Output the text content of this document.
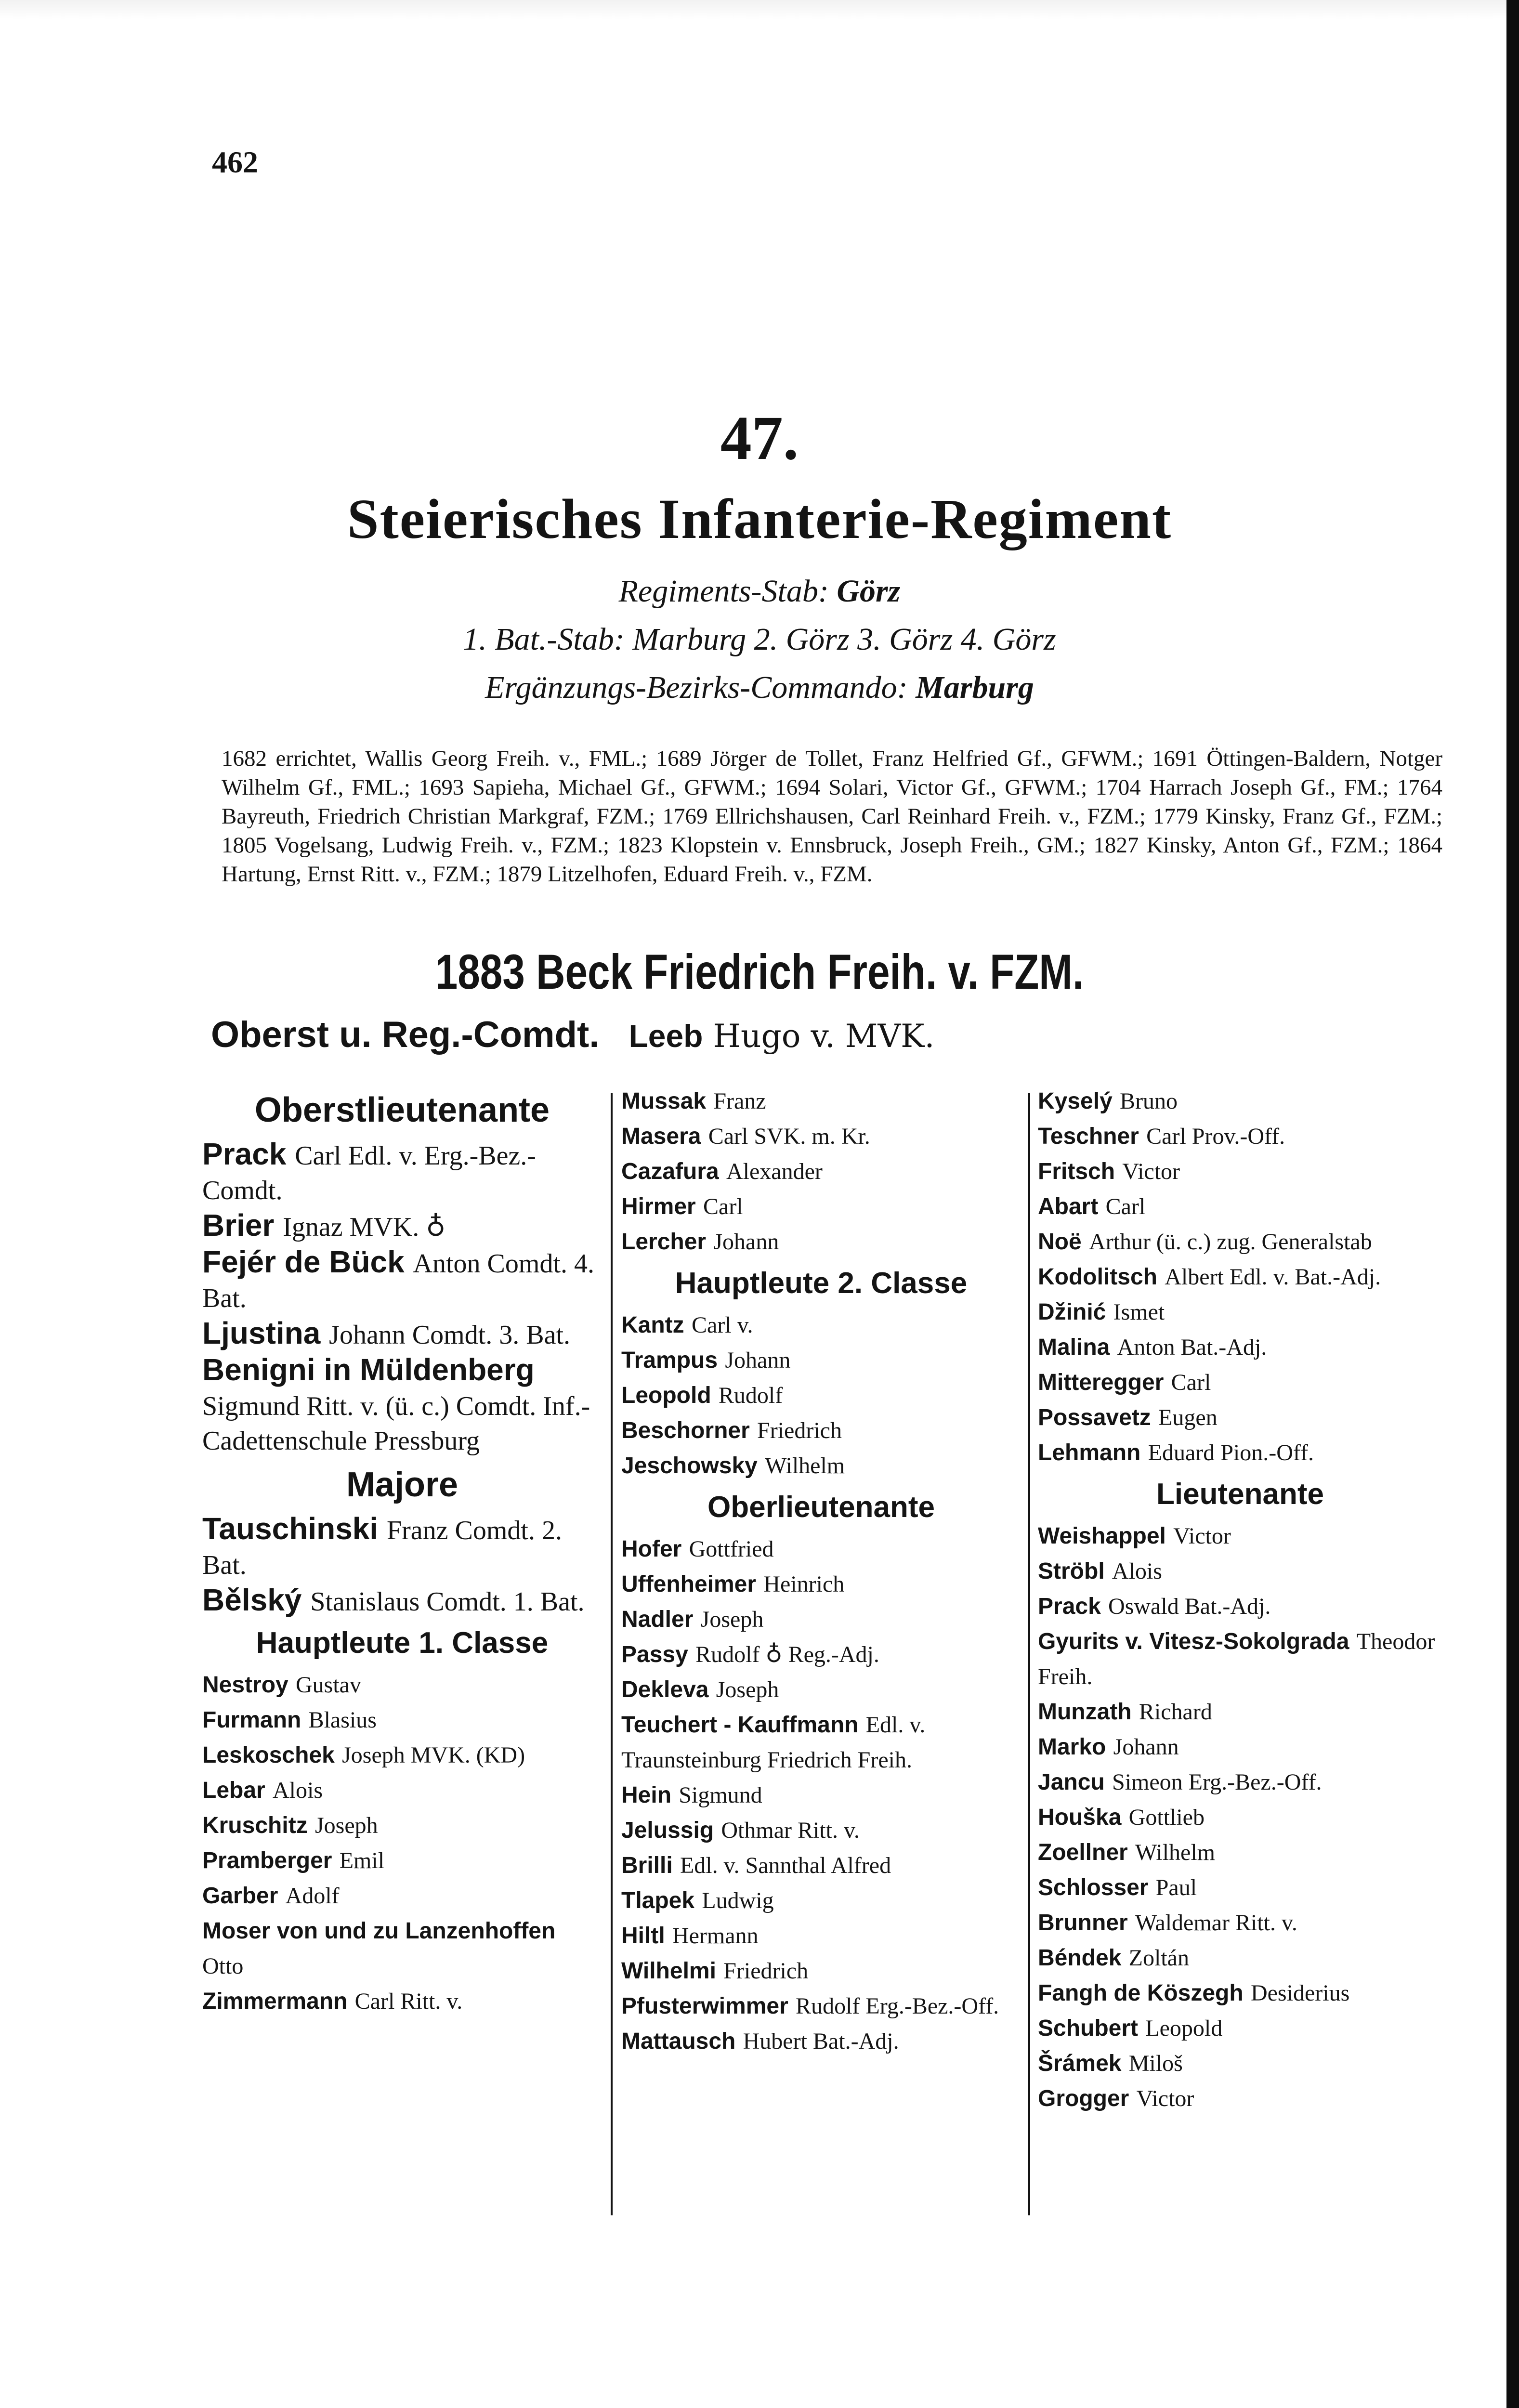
462
47.
Steierisches Infanterie-Regiment
Regiments-Stab: Görz
1. Bat.-Stab: Marburg 2. Görz 3. Görz 4. Görz
Ergänzungs-Bezirks-Commando: Marburg
1682 errichtet, Wallis Georg Freih. v., FML.; 1689 Jörger de Tollet, Franz Helfried Gf., GFWM.; 1691 Öttingen-Baldern, Notger Wilhelm Gf., FML.; 1693 Sapieha, Michael Gf., GFWM.; 1694 Solari, Victor Gf., GFWM.; 1704 Harrach Joseph Gf., FM.; 1764 Bayreuth, Friedrich Christian Markgraf, FZM.; 1769 Ellrichshausen, Carl Reinhard Freih. v., FZM.; 1779 Kinsky, Franz Gf., FZM.; 1805 Vogelsang, Ludwig Freih. v., FZM.; 1823 Klopstein v. Ennsbruck, Joseph Freih., GM.; 1827 Kinsky, Anton Gf., FZM.; 1864 Hartung, Ernst Ritt. v., FZM.; 1879 Litzelhofen, Eduard Freih. v., FZM.
1883 Beck Friedrich Freih. v. FZM.
Oberst u. Reg.-Comdt. Leeb Hugo v. MVK.
Oberstlieutenante

Prack Carl Edl. v. Erg.-Bez.-Comdt.

Brier Ignaz MVK. ♁

Fejér de Bück Anton Comdt. 4. Bat.

Ljustina Johann Comdt. 3. Bat.

Benigni in Müldenberg Sigmund Ritt. v. (ü. c.) Comdt. Inf.-Cadettenschule Pressburg

Majore

Tauschinski Franz Comdt. 2. Bat.

Bělský Stanislaus Comdt. 1. Bat.

Hauptleute 1. Classe

Nestroy Gustav

Furmann Blasius

Leskoschek Joseph MVK. (KD)

Lebar Alois

Kruschitz Joseph

Pramberger Emil

Garber Adolf

Moser von und zu Lanzenhoffen Otto

Zimmermann Carl Ritt. v.

Mussak Franz

Masera Carl SVK. m. Kr.

Cazafura Alexander

Hirmer Carl

Lercher Johann

Hauptleute 2. Classe

Kantz Carl v.

Trampus Johann

Leopold Rudolf

Beschorner Friedrich

Jeschowsky Wilhelm

Oberlieutenante

Hofer Gottfried

Uffenheimer Heinrich

Nadler Joseph

Passy Rudolf ♁ Reg.-Adj.

Dekleva Joseph

Teuchert - Kauffmann Edl. v. Traunsteinburg Friedrich Freih.

Hein Sigmund

Jelussig Othmar Ritt. v.

Brilli Edl. v. Sannthal Alfred

Tlapek Ludwig

Hiltl Hermann

Wilhelmi Friedrich

Pfusterwimmer Rudolf Erg.-Bez.-Off.

Mattausch Hubert Bat.-Adj.

Kyselý Bruno

Teschner Carl Prov.-Off.

Fritsch Victor

Abart Carl

Noë Arthur (ü. c.) zug. Generalstab

Kodolitsch Albert Edl. v. Bat.-Adj.

Džinić Ismet

Malina Anton Bat.-Adj.

Mitteregger Carl

Possavetz Eugen

Lehmann Eduard Pion.-Off.

Lieutenante

Weishappel Victor

Ströbl Alois

Prack Oswald Bat.-Adj.

Gyurits v. Vitesz-Sokolgrada Theodor Freih.

Munzath Richard

Marko Johann

Jancu Simeon Erg.-Bez.-Off.

Houška Gottlieb

Zoellner Wilhelm

Schlosser Paul

Brunner Waldemar Ritt. v.

Béndek Zoltán

Fangh de Köszegh Desiderius

Schubert Leopold

Šrámek Miloš

Grogger Victor
